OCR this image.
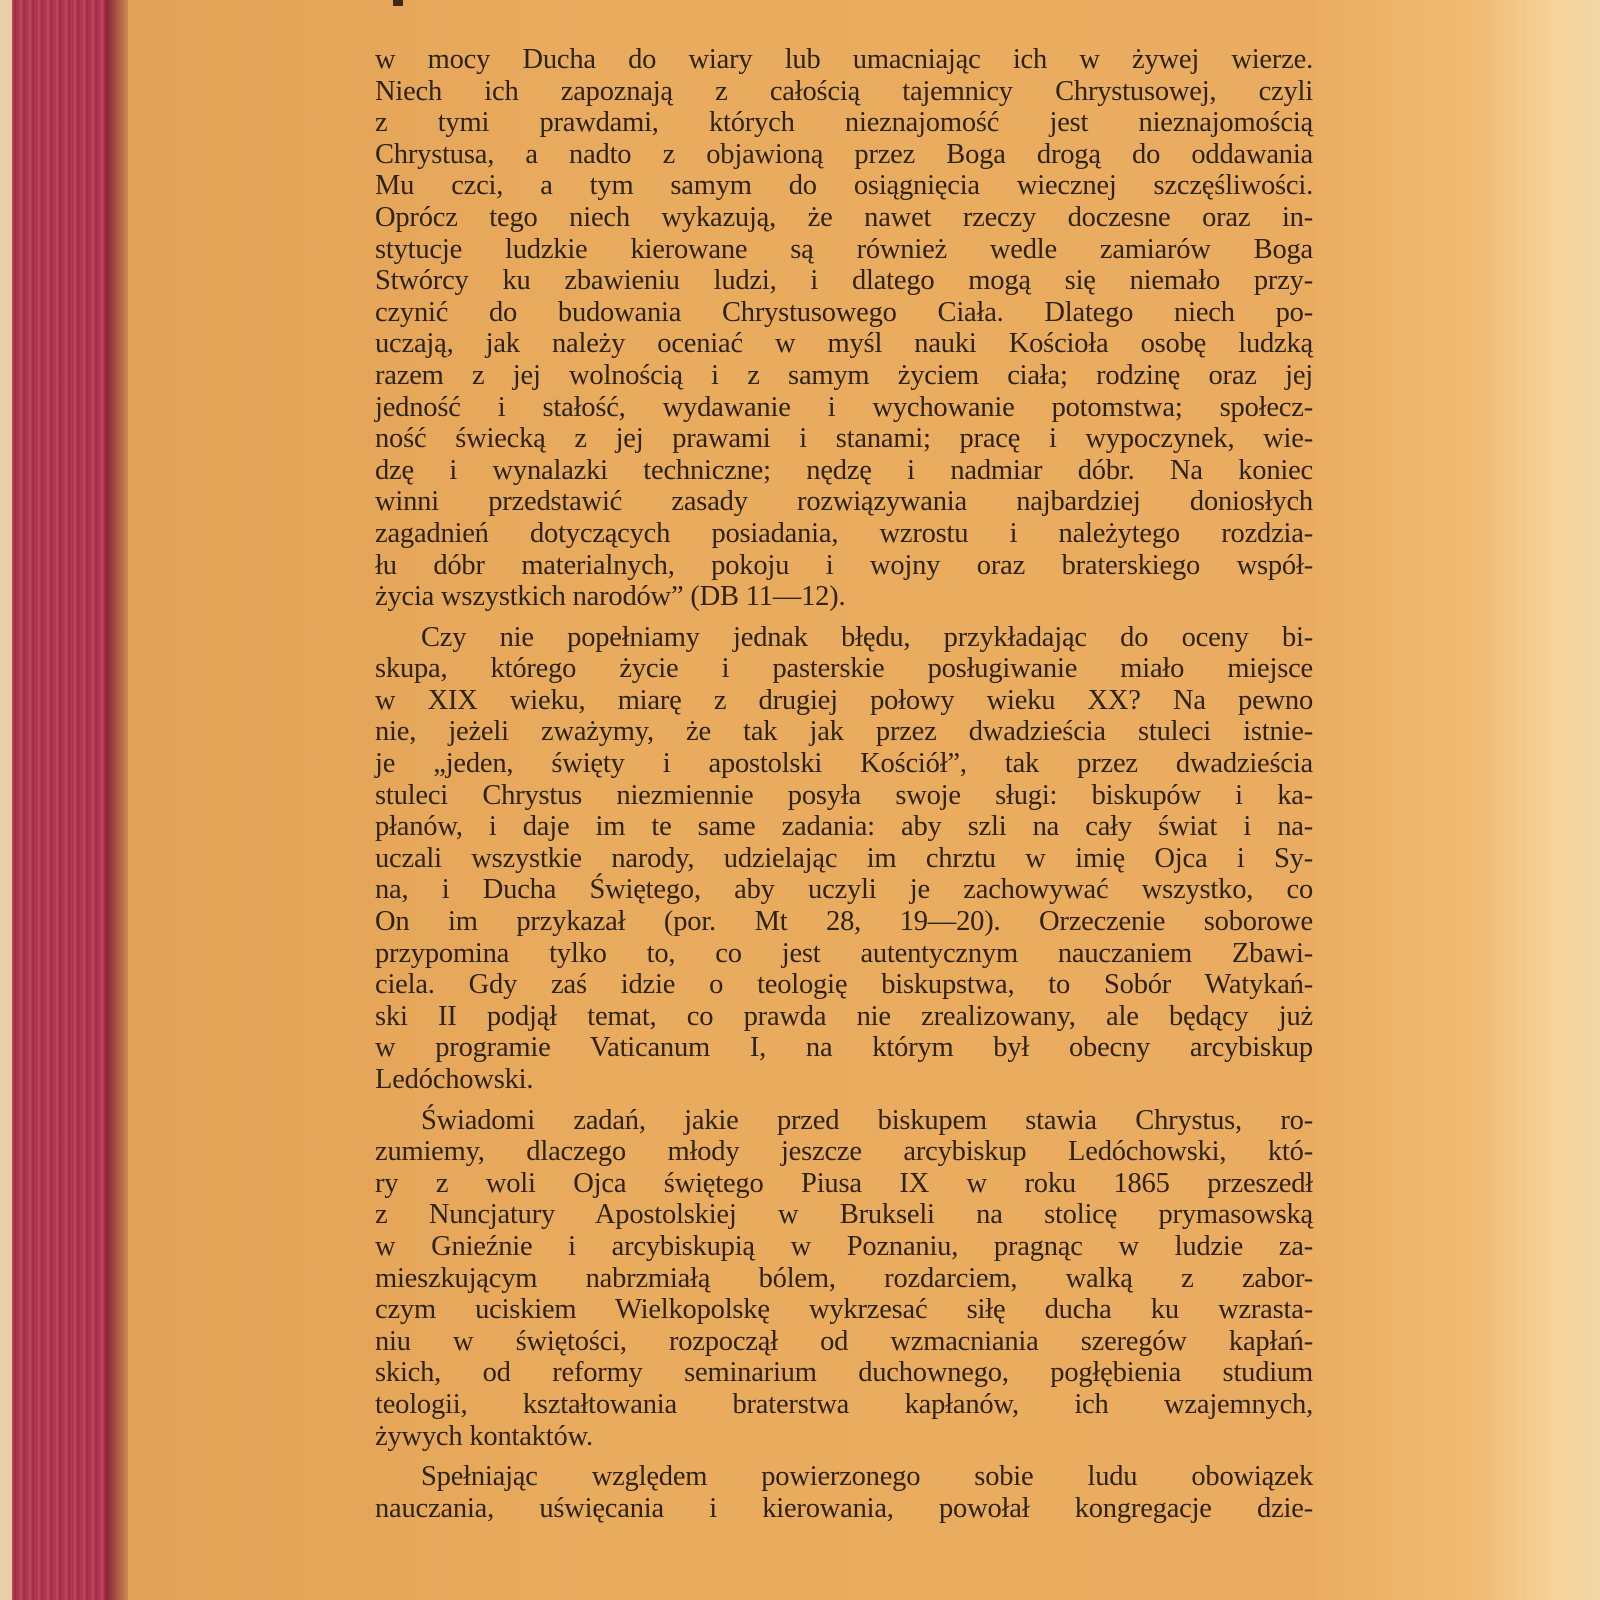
w mocy Ducha do wiary lub umacniając ich w żywej wierze.
Niech ich zapoznają z całością tajemnicy Chrystusowej, czyli
z tymi prawdami, których nieznajomość jest nieznajomością
Chrystusa, a nadto z objawioną przez Boga drogą do oddawania
Mu czci, a tym samym do osiągnięcia wiecznej szczęśliwości.
Oprócz tego niech wykazują, że nawet rzeczy doczesne oraz in-
stytucje ludzkie kierowane są również wedle zamiarów Boga
Stwórcy ku zbawieniu ludzi, i dlatego mogą się niemało przy-
czynić do budowania Chrystusowego Ciała. Dlatego niech po-
uczają, jak należy oceniać w myśl nauki Kościoła osobę ludzką
razem z jej wolnością i z samym życiem ciała; rodzinę oraz jej
jedność i stałość, wydawanie i wychowanie potomstwa; społecz-
ność świecką z jej prawami i stanami; pracę i wypoczynek, wie-
dzę i wynalazki techniczne; nędzę i nadmiar dóbr. Na koniec
winni przedstawić zasady rozwiązywania najbardziej doniosłych
zagadnień dotyczących posiadania, wzrostu i należytego rozdzia-
łu dóbr materialnych, pokoju i wojny oraz braterskiego współ-
życia wszystkich narodów” (DB 11—12).
Czy nie popełniamy jednak błędu, przykładając do oceny bi-
skupa, którego życie i pasterskie posługiwanie miało miejsce
w XIX wieku, miarę z drugiej połowy wieku XX? Na pewno
nie, jeżeli zważymy, że tak jak przez dwadzieścia stuleci istnie-
je „jeden, święty i apostolski Kościół”, tak przez dwadzieścia
stuleci Chrystus niezmiennie posyła swoje sługi: biskupów i ka-
płanów, i daje im te same zadania: aby szli na cały świat i na-
uczali wszystkie narody, udzielając im chrztu w imię Ojca i Sy-
na, i Ducha Świętego, aby uczyli je zachowywać wszystko, co
On im przykazał (por. Mt 28, 19—20). Orzeczenie soborowe
przypomina tylko to, co jest autentycznym nauczaniem Zbawi-
ciela. Gdy zaś idzie o teologię biskupstwa, to Sobór Watykań-
ski II podjął temat, co prawda nie zrealizowany, ale będący już
w programie Vaticanum I, na którym był obecny arcybiskup
Ledóchowski.
Świadomi zadań, jakie przed biskupem stawia Chrystus, ro-
zumiemy, dlaczego młody jeszcze arcybiskup Ledóchowski, któ-
ry z woli Ojca świętego Piusa IX w roku 1865 przeszedł
z Nuncjatury Apostolskiej w Brukseli na stolicę prymasowską
w Gnieźnie i arcybiskupią w Poznaniu, pragnąc w ludzie za-
mieszkującym nabrzmiałą bólem, rozdarciem, walką z zabor-
czym uciskiem Wielkopolskę wykrzesać siłę ducha ku wzrasta-
niu w świętości, rozpoczął od wzmacniania szeregów kapłań-
skich, od reformy seminarium duchownego, pogłębienia studium
teologii, kształtowania braterstwa kapłanów, ich wzajemnych,
żywych kontaktów.
Spełniając względem powierzonego sobie ludu obowiązek
nauczania, uświęcania i kierowania, powołał kongregacje dzie-
